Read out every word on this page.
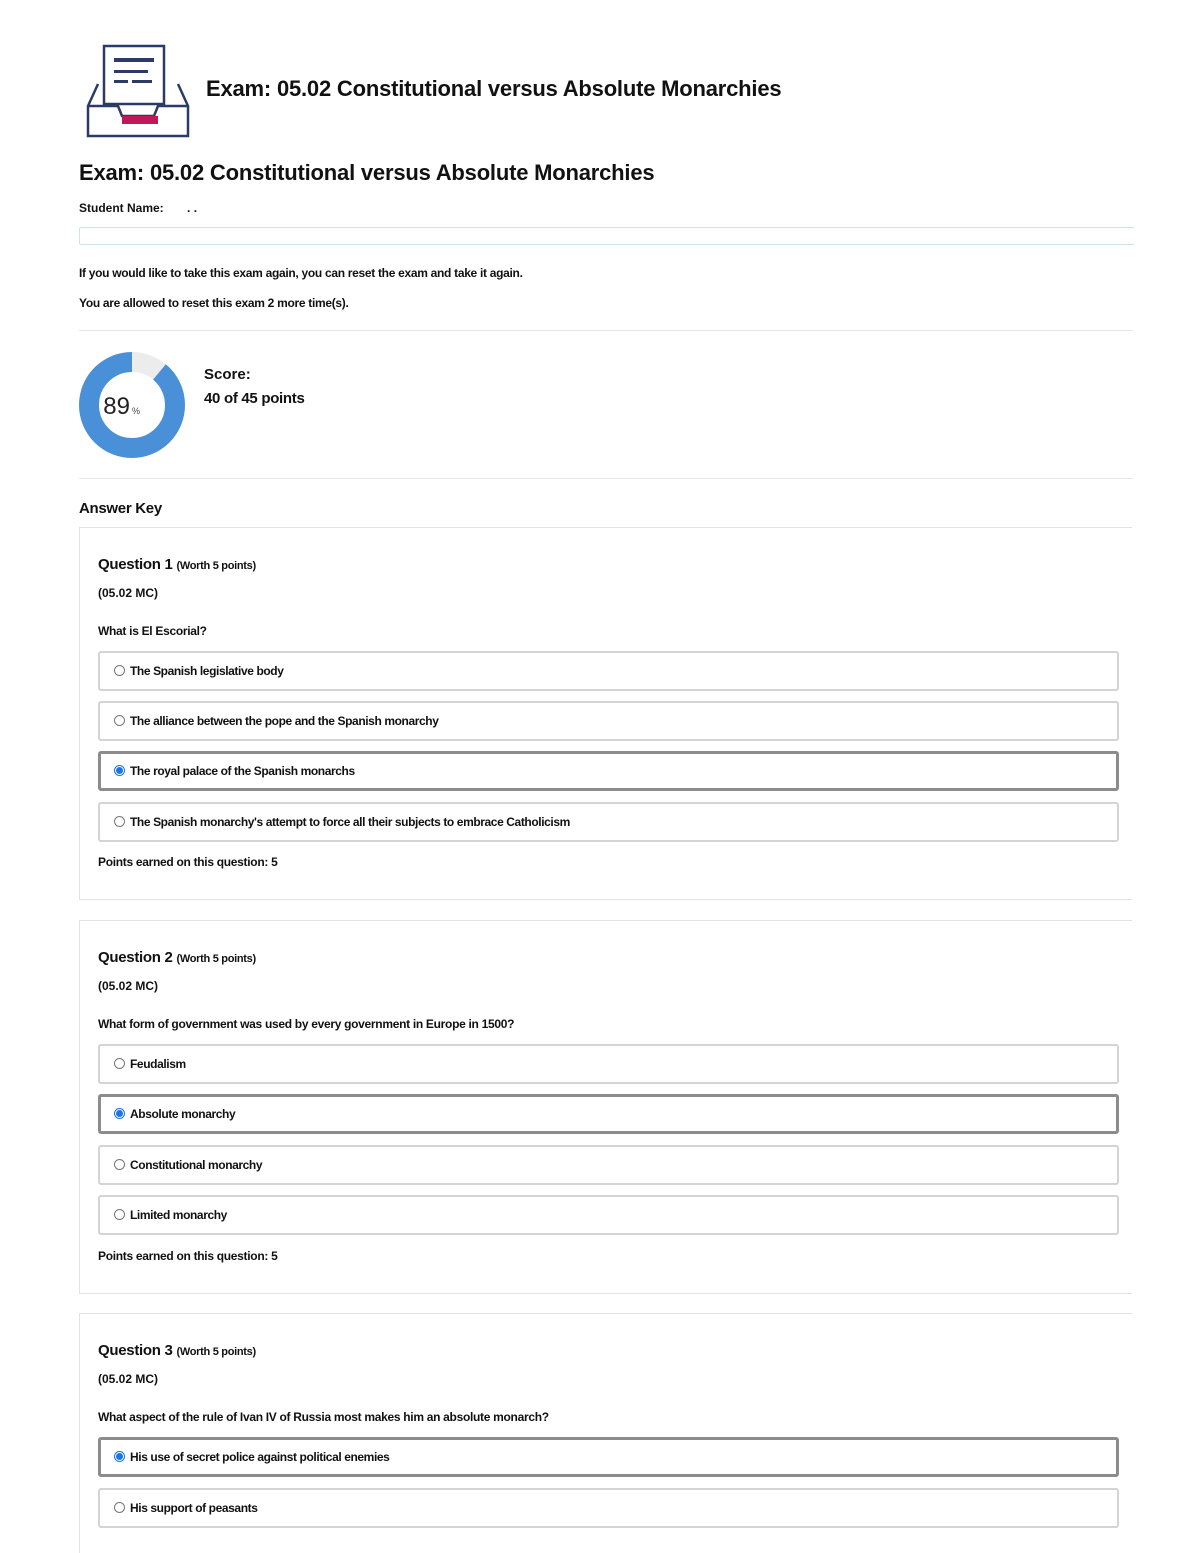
Exam: 05.02 Constitutional versus Absolute Monarchies
Exam: 05.02 Constitutional versus Absolute Monarchies
Student Name: . .
If you would like to take this exam again, you can reset the exam and take it again.
You are allowed to reset this exam 2 more time(s).
89 %
Score:
40 of 45 points
Answer Key
Question 1 (Worth 5 points)
(05.02 MC)
What is El Escorial?
The Spanish legislative body
The alliance between the pope and the Spanish monarchy
The royal palace of the Spanish monarchs
The Spanish monarchy's attempt to force all their subjects to embrace Catholicism
Points earned on this question: 5
Question 2 (Worth 5 points)
(05.02 MC)
What form of government was used by every government in Europe in 1500?
Feudalism
Absolute monarchy
Constitutional monarchy
Limited monarchy
Points earned on this question: 5
Question 3 (Worth 5 points)
(05.02 MC)
What aspect of the rule of Ivan IV of Russia most makes him an absolute monarch?
His use of secret police against political enemies
His support of peasants
